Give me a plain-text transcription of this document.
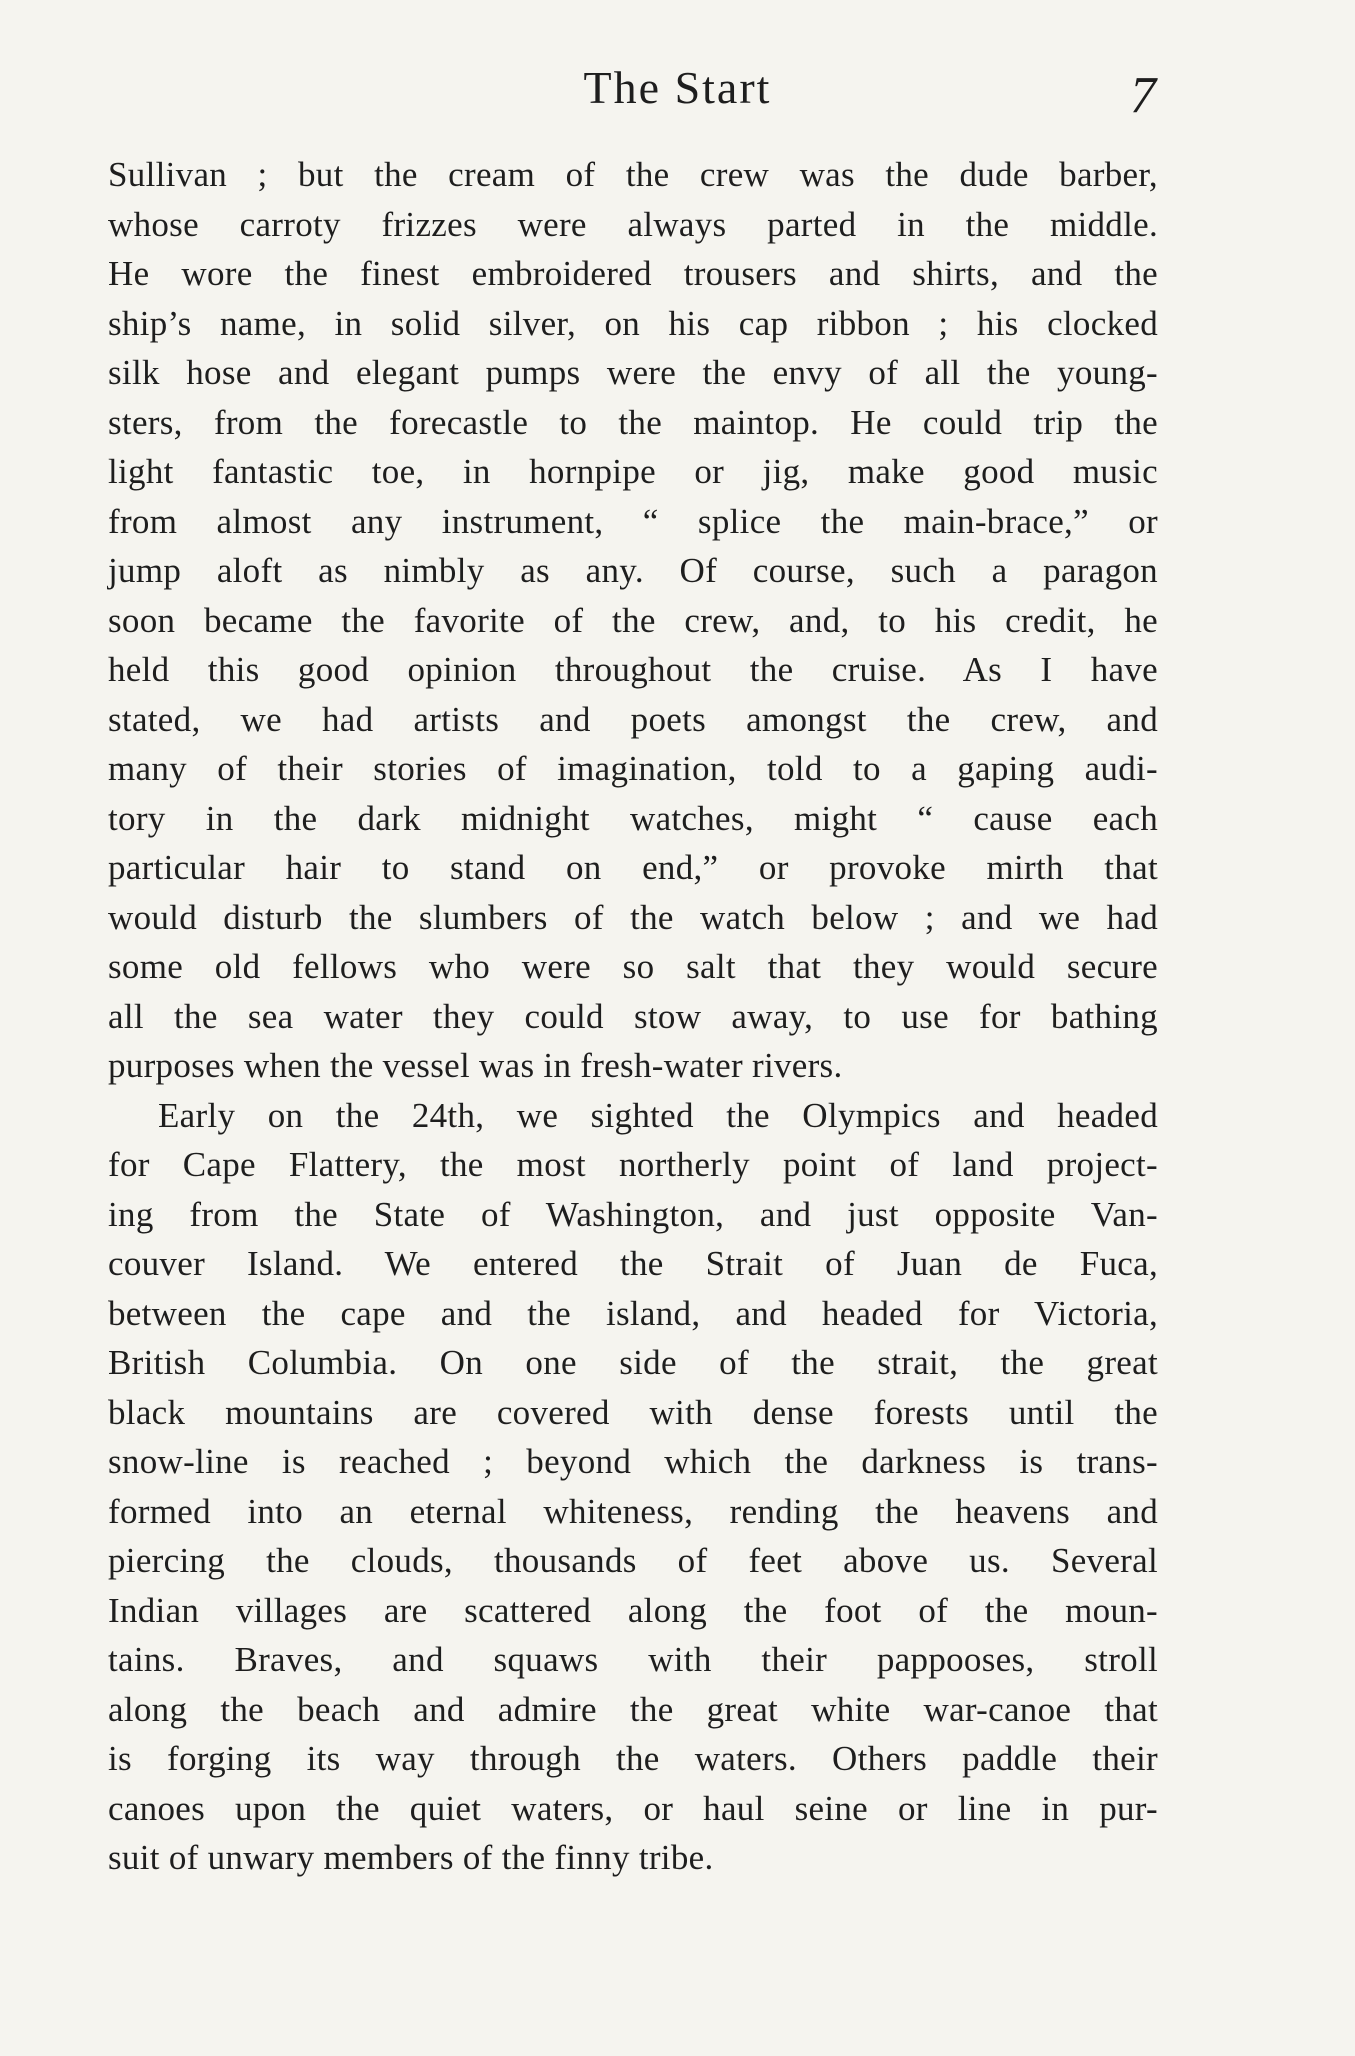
The Start	7
Sullivan ; but the cream of the crew was the dude barber,
whose carroty frizzes were always parted in the middle.
He wore the finest embroidered trousers and shirts, and the
ship’s name, in solid silver, on his cap ribbon ; his clocked
silk hose and elegant pumps were the envy of all the young-
sters, from the forecastle to the maintop. He could trip the
light fantastic toe, in hornpipe or jig, make good music
from almost any instrument, “ splice the main-brace,” or
jump aloft as nimbly as any. Of course, such a paragon
soon became the favorite of the crew, and, to his credit, he
held this good opinion throughout the cruise. As I have
stated, we had artists and poets amongst the crew, and
many of their stories of imagination, told to a gaping audi-
tory in the dark midnight watches, might “ cause each
particular hair to stand on end,” or provoke mirth that
would disturb the slumbers of the watch below ; and we had
some old fellows who were so salt that they would secure
all the sea water they could stow away, to use for bathing
purposes when the vessel was in fresh-water rivers.
Early on the 24th, we sighted the Olympics and headed
for Cape Flattery, the most northerly point of land project-
ing from the State of Washington, and just opposite Van-
couver Island. We entered the Strait of Juan de Fuca,
between the cape and the island, and headed for Victoria,
British Columbia. On one side of the strait, the great
black mountains are covered with dense forests until the
snow-line is reached ; beyond which the darkness is trans-
formed into an eternal whiteness, rending the heavens and
piercing the clouds, thousands of feet above us. Several
Indian villages are scattered along the foot of the moun-
tains. Braves, and squaws with their pappooses, stroll
along the beach and admire the great white war-canoe that
is forging its way through the waters. Others paddle their
canoes upon the quiet waters, or haul seine or line in pur-
suit of unwary members of the finny tribe.
